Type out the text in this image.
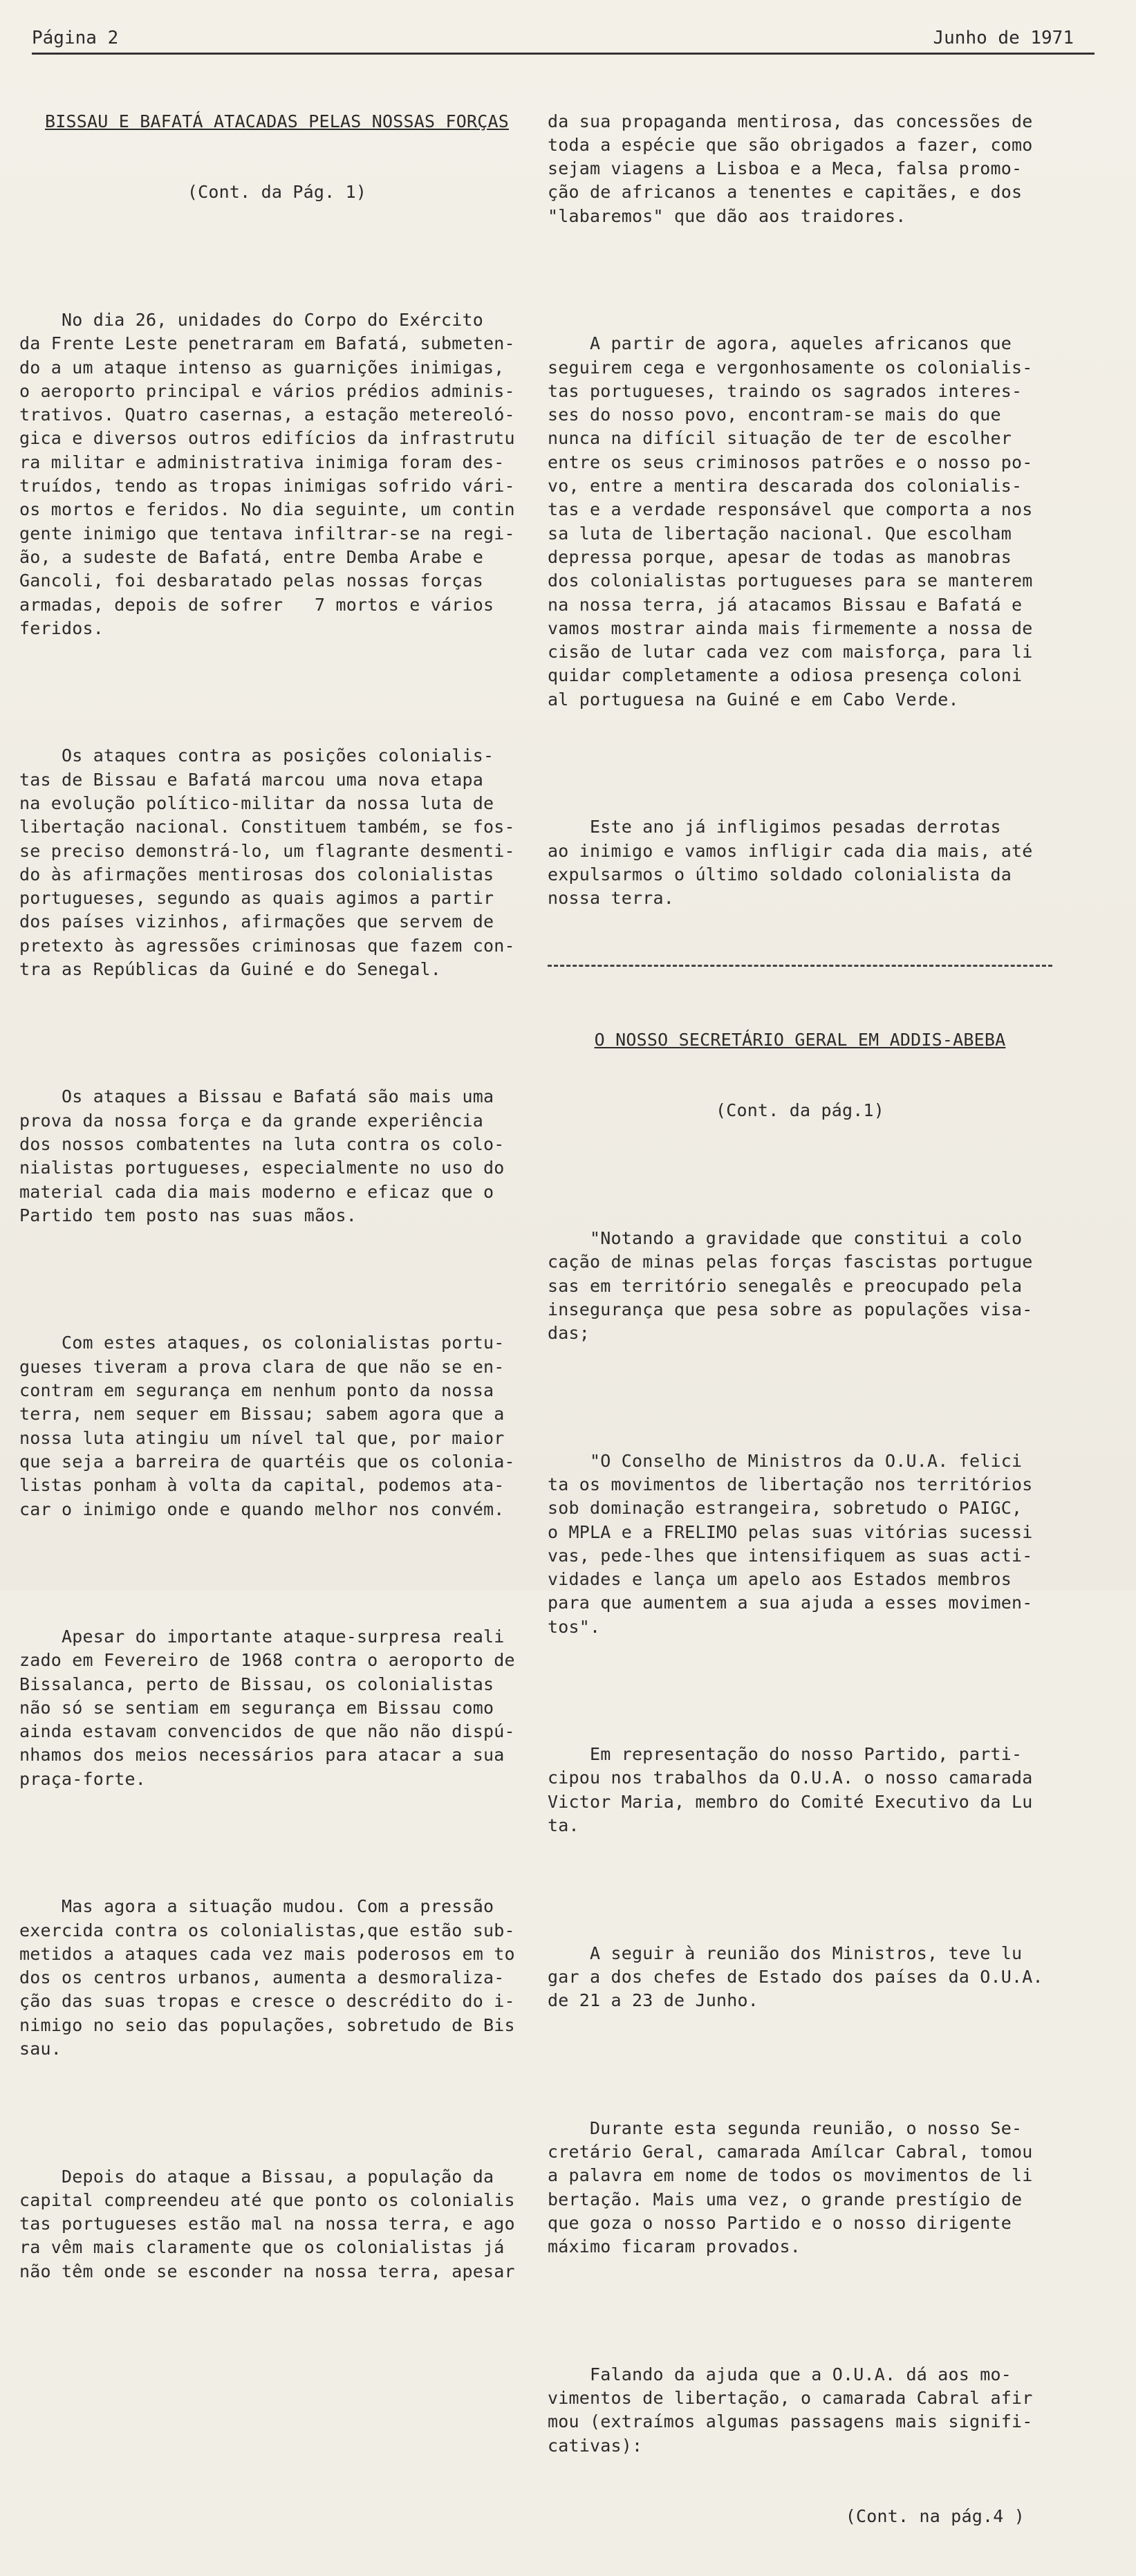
Página 2	Junho de 1971

BISSAU E BAFATÁ ATACADAS PELAS NOSSAS FORÇAS

(Cont. da Pág. 1)

No dia 26, unidades do Corpo do Exército
da Frente Leste penetraram em Bafatá, submeten-
do a um ataque intenso as guarnições inimigas,
o aeroporto principal e vários prédios adminis-
trativos. Quatro casernas, a estação metereoló-
gica e diversos outros edifícios da infrastrutu
ra militar e administrativa inimiga foram des-
truídos, tendo as tropas inimigas sofrido vári-
os mortos e feridos. No dia seguinte, um contin
gente inimigo que tentava infiltrar-se na regi-
ão, a sudeste de Bafatá, entre Demba Arabe e
Gancoli, foi desbaratado pelas nossas forças
armadas, depois de sofrer   7 mortos e vários
feridos.

Os ataques contra as posições colonialis-
tas de Bissau e Bafatá marcou uma nova etapa
na evolução político-militar da nossa luta de
libertação nacional. Constituem também, se fos-
se preciso demonstrá-lo, um flagrante desmenti-
do às afirmações mentirosas dos colonialistas
portugueses, segundo as quais agimos a partir
dos países vizinhos, afirmações que servem de
pretexto às agressões criminosas que fazem con-
tra as Repúblicas da Guiné e do Senegal.

Os ataques a Bissau e Bafatá são mais uma
prova da nossa força e da grande experiência
dos nossos combatentes na luta contra os colo-
nialistas portugueses, especialmente no uso do
material cada dia mais moderno e eficaz que o
Partido tem posto nas suas mãos.

Com estes ataques, os colonialistas portu-
gueses tiveram a prova clara de que não se en-
contram em segurança em nenhum ponto da nossa
terra, nem sequer em Bissau; sabem agora que a
nossa luta atingiu um nível tal que, por maior
que seja a barreira de quartéis que os colonia-
listas ponham à volta da capital, podemos ata-
car o inimigo onde e quando melhor nos convém.

Apesar do importante ataque-surpresa reali
zado em Fevereiro de 1968 contra o aeroporto de
Bissalanca, perto de Bissau, os colonialistas
não só se sentiam em segurança em Bissau como
ainda estavam convencidos de que não não dispú-
nhamos dos meios necessários para atacar a sua
praça-forte.

Mas agora a situação mudou. Com a pressão
exercida contra os colonialistas,que estão sub-
metidos a ataques cada vez mais poderosos em to
dos os centros urbanos, aumenta a desmoraliza-
ção das suas tropas e cresce o descrédito do i-
nimigo no seio das populações, sobretudo de Bis
sau.

Depois do ataque a Bissau, a população da
capital compreendeu até que ponto os colonialis
tas portugueses estão mal na nossa terra, e ago
ra vêm mais claramente que os colonialistas já
não têm onde se esconder na nossa terra, apesar

da sua propaganda mentirosa, das concessões de
toda a espécie que são obrigados a fazer, como
sejam viagens a Lisboa e a Meca, falsa promo-
ção de africanos a tenentes e capitães, e dos
"labaremos" que dão aos traidores.

A partir de agora, aqueles africanos que
seguirem cega e vergonhosamente os colonialis-
tas portugueses, traindo os sagrados interes-
ses do nosso povo, encontram-se mais do que
nunca na difícil situação de ter de escolher
entre os seus criminosos patrões e o nosso po-
vo, entre a mentira descarada dos colonialis-
tas e a verdade responsável que comporta a nos
sa luta de libertação nacional. Que escolham
depressa porque, apesar de todas as manobras
dos colonialistas portugueses para se manterem
na nossa terra, já atacamos Bissau e Bafatá e
vamos mostrar ainda mais firmemente a nossa de
cisão de lutar cada vez com maisforça, para li
quidar completamente a odiosa presença coloni
al portuguesa na Guiné e em Cabo Verde.

Este ano já infligimos pesadas derrotas
ao inimigo e vamos infligir cada dia mais, até
expulsarmos o último soldado colonialista da
nossa terra.

O NOSSO SECRETÁRIO GERAL EM ADDIS-ABEBA

(Cont. da pág.1)

"Notando a gravidade que constitui a colo
cação de minas pelas forças fascistas portugue
sas em território senegalês e preocupado pela
insegurança que pesa sobre as populações visa-
das;

"O Conselho de Ministros da O.U.A. felici
ta os movimentos de libertação nos territórios
sob dominação estrangeira, sobretudo o PAIGC,
o MPLA e a FRELIMO pelas suas vitórias sucessi
vas, pede-lhes que intensifiquem as suas acti-
vidades e lança um apelo aos Estados membros
para que aumentem a sua ajuda a esses movimen-
tos".

Em representação do nosso Partido, parti-
cipou nos trabalhos da O.U.A. o nosso camarada
Victor Maria, membro do Comité Executivo da Lu
ta.

A seguir à reunião dos Ministros, teve lu
gar a dos chefes de Estado dos países da O.U.A.
de 21 a 23 de Junho.

Durante esta segunda reunião, o nosso Se-
cretário Geral, camarada Amílcar Cabral, tomou
a palavra em nome de todos os movimentos de li
bertação. Mais uma vez, o grande prestígio de
que goza o nosso Partido e o nosso dirigente
máximo ficaram provados.

Falando da ajuda que a O.U.A. dá aos mo-
vimentos de libertação, o camarada Cabral afir
mou (extraímos algumas passagens mais signifi-
cativas):

(Cont. na pág.4 )
